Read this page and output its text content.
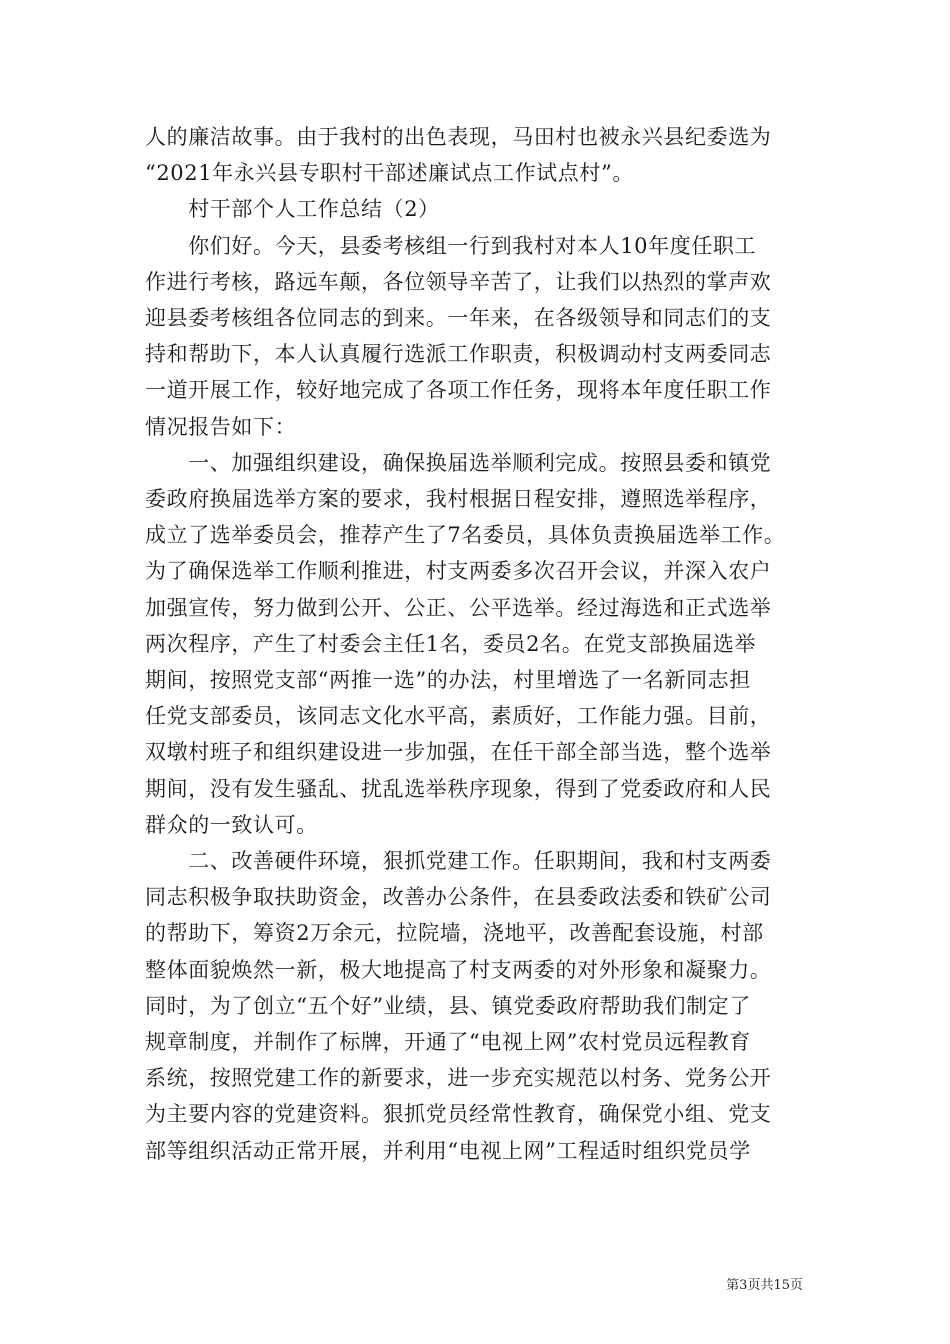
人的廉洁故事。由于我村的出色表现，马田村也被永兴县纪委选为
“2021年永兴县专职村干部述廉试点工作试点村”。
　　村干部个人工作总结（2）
　　你们好。今天，县委考核组一行到我村对本人10年度任职工
作进行考核，路远车颠，各位领导辛苦了，让我们以热烈的掌声欢
迎县委考核组各位同志的到来。一年来，在各级领导和同志们的支
持和帮助下，本人认真履行选派工作职责，积极调动村支两委同志
一道开展工作，较好地完成了各项工作任务，现将本年度任职工作
情况报告如下：
　　一、加强组织建设，确保换届选举顺利完成。按照县委和镇党
委政府换届选举方案的要求，我村根据日程安排，遵照选举程序，
成立了选举委员会，推荐产生了7名委员，具体负责换届选举工作。
为了确保选举工作顺利推进，村支两委多次召开会议，并深入农户
加强宣传，努力做到公开、公正、公平选举。经过海选和正式选举
两次程序，产生了村委会主任1名，委员2名。在党支部换届选举
期间，按照党支部“两推一选”的办法，村里增选了一名新同志担
任党支部委员，该同志文化水平高，素质好，工作能力强。目前，
双墩村班子和组织建设进一步加强，在任干部全部当选，整个选举
期间，没有发生骚乱、扰乱选举秩序现象，得到了党委政府和人民
群众的一致认可。
　　二、改善硬件环境，狠抓党建工作。任职期间，我和村支两委
同志积极争取扶助资金，改善办公条件，在县委政法委和铁矿公司
的帮助下，筹资2万余元，拉院墙，浇地平，改善配套设施，村部
整体面貌焕然一新，极大地提高了村支两委的对外形象和凝聚力。
同时，为了创立“五个好”业绩，县、镇党委政府帮助我们制定了
规章制度，并制作了标牌，开通了“电视上网”农村党员远程教育
系统，按照党建工作的新要求，进一步充实规范以村务、党务公开
为主要内容的党建资料。狠抓党员经常性教育，确保党小组、党支
部等组织活动正常开展，并利用“电视上网”工程适时组织党员学
第3页共15页
